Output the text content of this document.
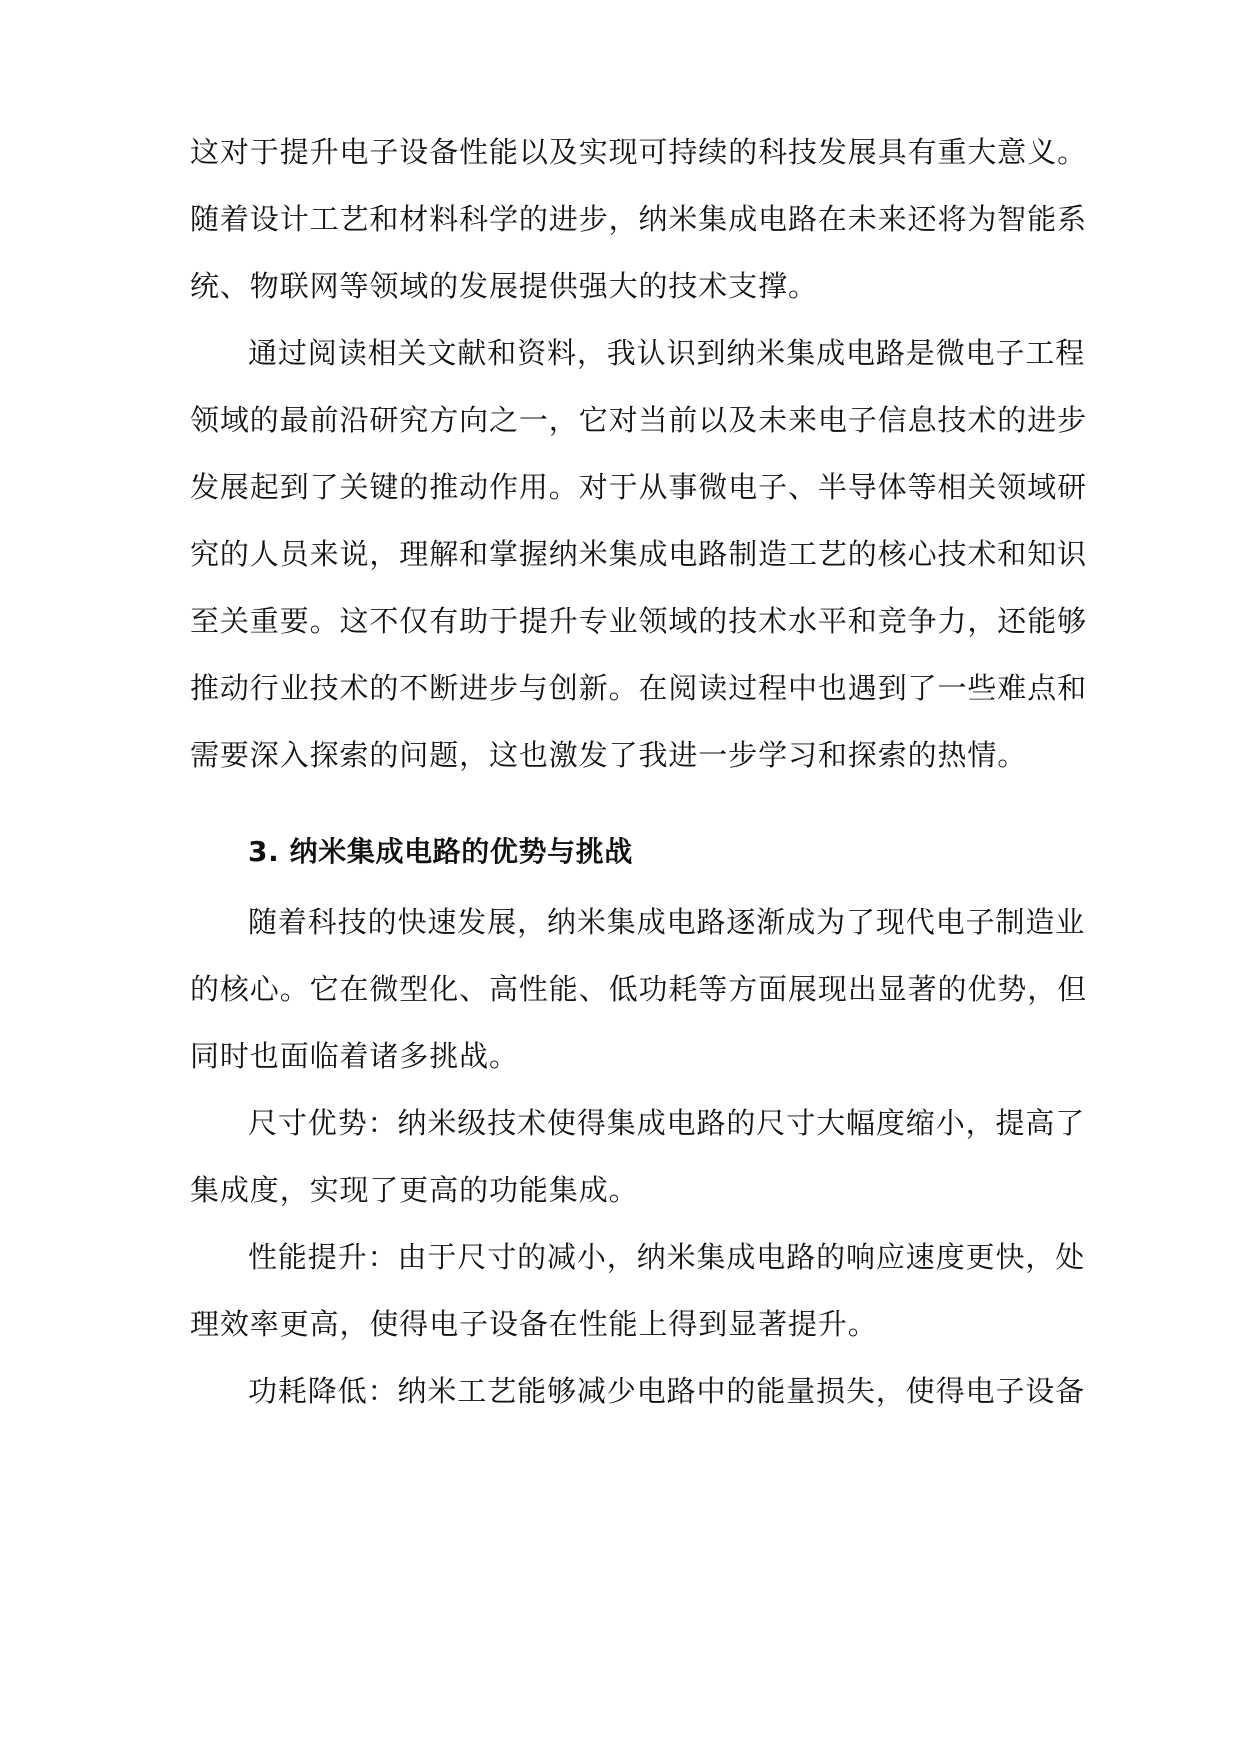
这对于提升电子设备性能以及实现可持续的科技发展具有重大意义。
随着设计工艺和材料科学的进步，纳米集成电路在未来还将为智能系
统、物联网等领域的发展提供强大的技术支撑。
通过阅读相关文献和资料，我认识到纳米集成电路是微电子工程
领域的最前沿研究方向之一，它对当前以及未来电子信息技术的进步
发展起到了关键的推动作用。对于从事微电子、半导体等相关领域研
究的人员来说，理解和掌握纳米集成电路制造工艺的核心技术和知识
至关重要。这不仅有助于提升专业领域的技术水平和竞争力，还能够
推动行业技术的不断进步与创新。在阅读过程中也遇到了一些难点和
需要深入探索的问题，这也激发了我进一步学习和探索的热情。
3. 纳米集成电路的优势与挑战
随着科技的快速发展，纳米集成电路逐渐成为了现代电子制造业
的核心。它在微型化、高性能、低功耗等方面展现出显著的优势，但
同时也面临着诸多挑战。
尺寸优势：纳米级技术使得集成电路的尺寸大幅度缩小，提高了
集成度，实现了更高的功能集成。
性能提升：由于尺寸的减小，纳米集成电路的响应速度更快，处
理效率更高，使得电子设备在性能上得到显著提升。
功耗降低：纳米工艺能够减少电路中的能量损失，使得电子设备
